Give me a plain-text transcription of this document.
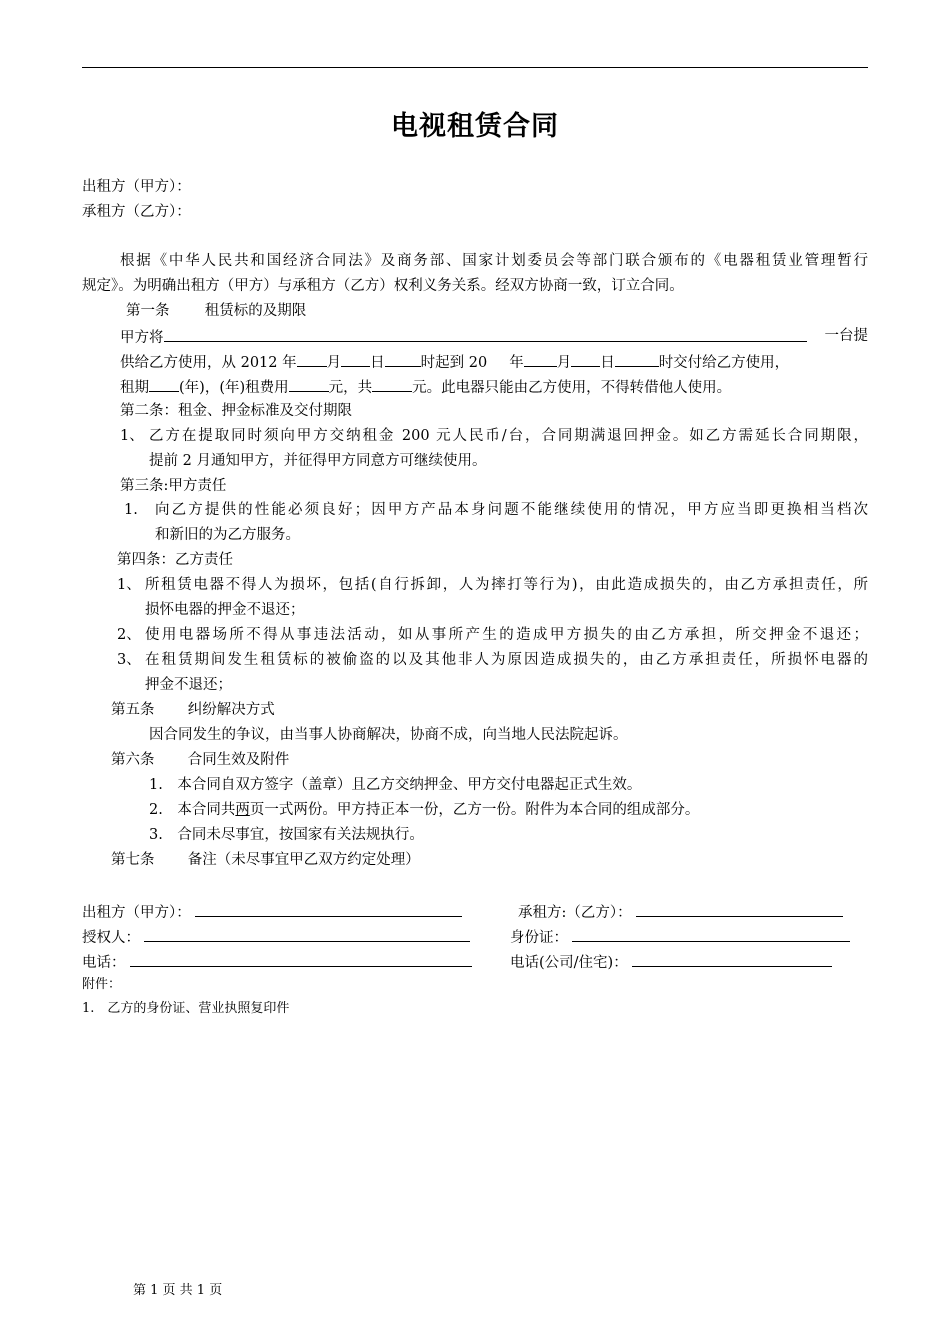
电视租赁合同
出租方（甲方）：
承租方（乙方）：
根据《中华人民共和国经济合同法》及商务部、国家计划委员会等部门联合颁布的《电器租赁业管理暂行
规定》。为明确出租方（甲方）与承租方（乙方）权利义务关系。经双方协商一致，订立合同。
第一条 租赁标的及期限
甲方将	一台提
供给乙方使用，从 2012 年 月 日 时起到 20 年 月 日	时交付给乙方使用，
租期 (年)，(年)租费用	元，共	元。此电器只能由乙方使用，不得转借他人使用。
第二条：租金、押金标准及交付期限
1、 乙方在提取同时须向甲方交纳租金 200 元人民币/台，合同期满退回押金。如乙方需延长合同期限，
提前 2 月通知甲方，并征得甲方同意方可继续使用。
第三条:甲方责任
1. 向乙方提供的性能必须良好；因甲方产品本身问题不能继续使用的情况，甲方应当即更换相当档次
和新旧的为乙方服务。
第四条：乙方责任
1、 所租赁电器不得人为损坏，包括(自行拆卸，人为摔打等行为)，由此造成损失的，由乙方承担责任，所
损怀电器的押金不退还；
2、 使用电器场所不得从事违法活动，如从事所产生的造成甲方损失的由乙方承担，所交押金不退还；
3、 在租赁期间发生租赁标的被偷盗的以及其他非人为原因造成损失的，由乙方承担责任，所损怀电器的
押金不退还；
第五条 纠纷解决方式
因合同发生的争议，由当事人协商解决，协商不成，向当地人民法院起诉。
第六条 合同生效及附件
1.　本合同自双方签字（盖章）且乙方交纳押金、甲方交付电器起正式生效。
2.　本合同共两页一式两份。甲方持正本一份，乙方一份。附件为本合同的组成部分。
3.　合同未尽事宜，按国家有关法规执行。
第七条 备注（未尽事宜甲乙双方约定处理）
出租方（甲方）：	承租方:（乙方）：
授权人：	身份证：
电话：	电话(公司/住宅)：
附件：
1.　乙方的身份证、营业执照复印件
第 1 页 共 1 页
